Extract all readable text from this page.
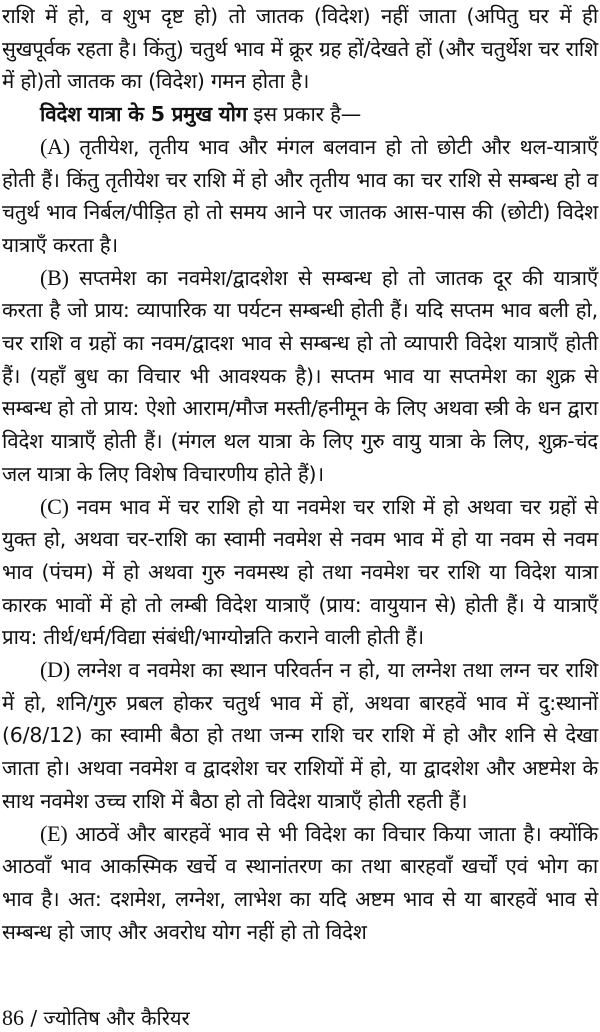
राशि में हो, व शुभ दृष्ट हो) तो जातक (विदेश) नहीं जाता (अपितु घर में ही सुखपूर्वक रहता है। किंतु) चतुर्थ भाव में क्रूर ग्रह हों/देखते हों (और चतुर्थेश चर राशि में हो)तो जातक का (विदेश) गमन होता है।

विदेश यात्रा के 5 प्रमुख योग इस प्रकार है—

(A) तृतीयेश, तृतीय भाव और मंगल बलवान हो तो छोटी और थल-यात्राएँ होती हैं। किंतु तृतीयेश चर राशि में हो और तृतीय भाव का चर राशि से सम्बन्ध हो व चतुर्थ भाव निर्बल/पीड़ित हो तो समय आने पर जातक आस-पास की (छोटी) विदेश यात्राएँ करता है।

(B) सप्तमेश का नवमेश/द्वादशेश से सम्बन्ध हो तो जातक दूर की यात्राएँ करता है जो प्राय: व्यापारिक या पर्यटन सम्बन्धी होती हैं। यदि सप्तम भाव बली हो, चर राशि व ग्रहों का नवम/द्वादश भाव से सम्बन्ध हो तो व्यापारी विदेश यात्राएँ होती हैं। (यहाँ बुध का विचार भी आवश्यक है)। सप्तम भाव या सप्तमेश का शुक्र से सम्बन्ध हो तो प्राय: ऐशो आराम/मौज मस्ती/हनीमून के लिए अथवा स्त्री के धन द्वारा विदेश यात्राएँ होती हैं। (मंगल थल यात्रा के लिए गुरु वायु यात्रा के लिए, शुक्र-चंद जल यात्रा के लिए विशेष विचारणीय होते हैं)।

(C) नवम भाव में चर राशि हो या नवमेश चर राशि में हो अथवा चर ग्रहों से युक्त हो, अथवा चर-राशि का स्वामी नवमेश से नवम भाव में हो या नवम से नवम भाव (पंचम) में हो अथवा गुरु नवमस्थ हो तथा नवमेश चर राशि या विदेश यात्रा कारक भावों में हो तो लम्बी विदेश यात्राएँ (प्राय: वायुयान से) होती हैं। ये यात्राएँ प्राय: तीर्थ/धर्म/विद्या संबंधी/भाग्योन्नति कराने वाली होती हैं।

(D) लग्नेश व नवमेश का स्थान परिवर्तन न हो, या लग्नेश तथा लग्न चर राशि में हो, शनि/गुरु प्रबल होकर चतुर्थ भाव में हों, अथवा बारहवें भाव में दु:स्थानों (6/8/12) का स्वामी बैठा हो तथा जन्म राशि चर राशि में हो और शनि से देखा जाता हो। अथवा नवमेश व द्वादशेश चर राशियों में हो, या द्वादशेश और अष्टमेश के साथ नवमेश उच्च राशि में बैठा हो तो विदेश यात्राएँ होती रहती हैं।

(E) आठवें और बारहवें भाव से भी विदेश का विचार किया जाता है। क्योंकि आठवाँ भाव आकस्मिक खर्चे व स्थानांतरण का तथा बारहवाँ खर्चों एवं भोग का भाव है। अत: दशमेश, लग्नेश, लाभेश का यदि अष्टम भाव से या बारहवें भाव से सम्बन्ध हो जाए और अवरोध योग नहीं हो तो विदेश

86 / ज्योतिष और कैरियर
